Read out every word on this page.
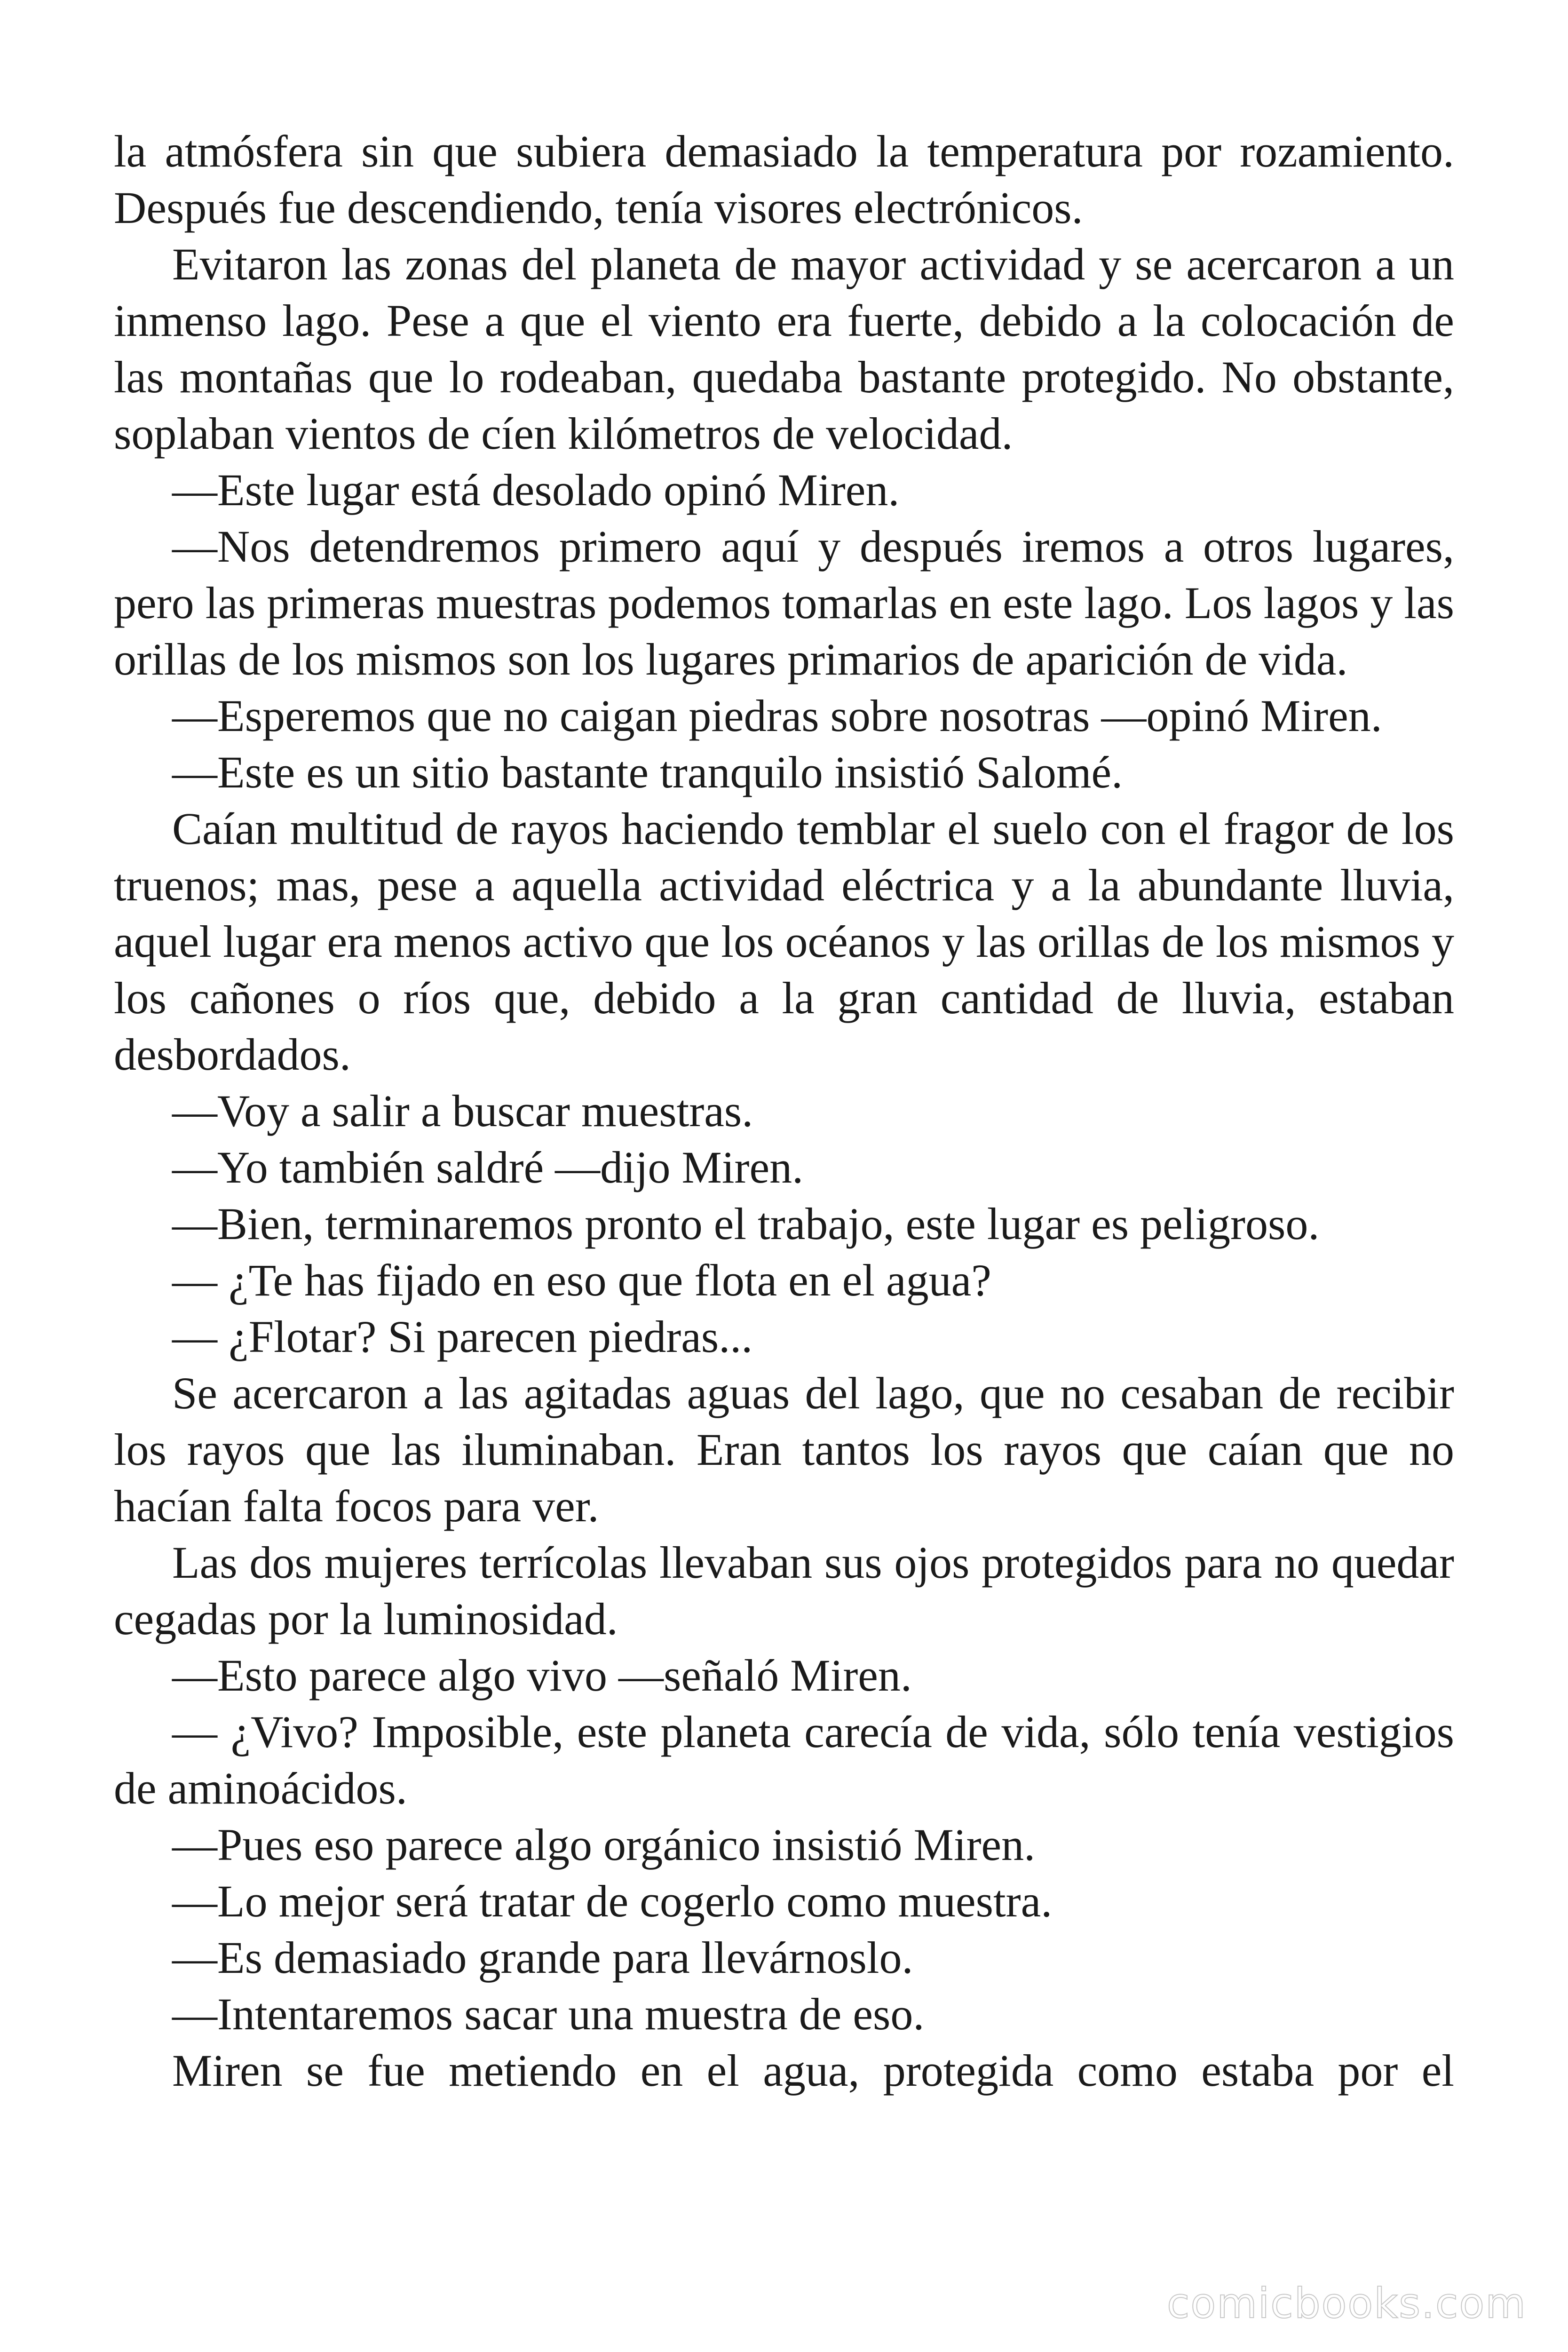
la atmósfera sin que subiera demasiado la temperatura por rozamiento. Después fue descendiendo, tenía visores electrónicos.

Evitaron las zonas del planeta de mayor actividad y se acercaron a un inmenso lago. Pese a que el viento era fuerte, debido a la colocación de las montañas que lo rodeaban, quedaba bastante protegido. No obstante, soplaban vientos de cíen kilómetros de velocidad.

—Este lugar está desolado opinó Miren.

—Nos detendremos primero aquí y después iremos a otros lugares, pero las primeras muestras podemos tomarlas en este lago. Los lagos y las orillas de los mismos son los lugares primarios de aparición de vida.

—Esperemos que no caigan piedras sobre nosotras —opinó Miren.

—Este es un sitio bastante tranquilo insistió Salomé.

Caían multitud de rayos haciendo temblar el suelo con el fragor de los truenos; mas, pese a aquella actividad eléctrica y a la abundante lluvia, aquel lugar era menos activo que los océanos y las orillas de los mismos y los cañones o ríos que, debido a la gran cantidad de lluvia, estaban desbordados.

—Voy a salir a buscar muestras.

—Yo también saldré —dijo Miren.

—Bien, terminaremos pronto el trabajo, este lugar es peligroso.

— ¿Te has fijado en eso que flota en el agua?

— ¿Flotar? Si parecen piedras...

Se acercaron a las agitadas aguas del lago, que no cesaban de recibir los rayos que las iluminaban. Eran tantos los rayos que caían que no hacían falta focos para ver.

Las dos mujeres terrícolas llevaban sus ojos protegidos para no quedar cegadas por la luminosidad.

—Esto parece algo vivo —señaló Miren.

— ¿Vivo? Imposible, este planeta carecía de vida, sólo tenía vestigios de aminoácidos.

—Pues eso parece algo orgánico insistió Miren.

—Lo mejor será tratar de cogerlo como muestra.

—Es demasiado grande para llevárnoslo.

—Intentaremos sacar una muestra de eso.

Miren se fue metiendo en el agua, protegida como estaba por el

comicbooks.com
